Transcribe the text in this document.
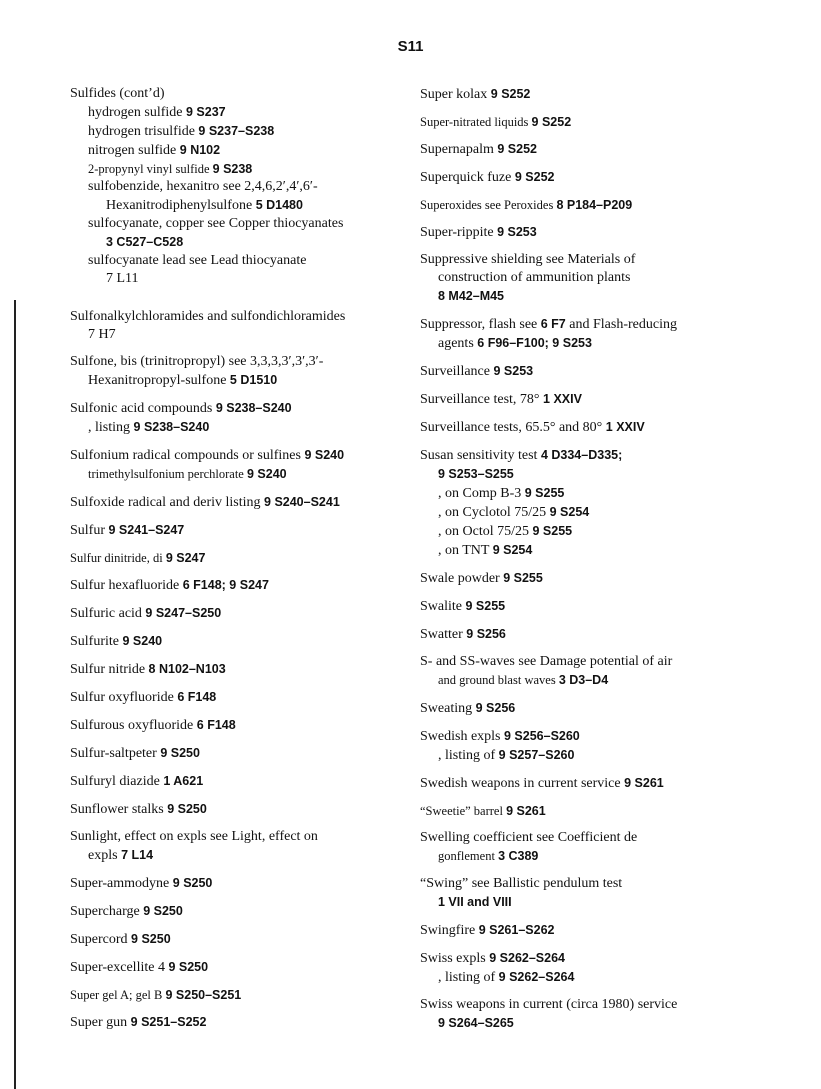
S11
Sulfides (cont’d)
hydrogen sulfide 9 S237
hydrogen trisulfide 9 S237–S238
nitrogen sulfide 9 N102
2-propynyl vinyl sulfide 9 S238
sulfobenzide, hexanitro see 2,4,6,2′,4′,6′-
Hexanitrodiphenylsulfone 5 D1480
sulfocyanate, copper see Copper thiocyanates
3 C527–C528
sulfocyanate lead see Lead thiocyanate
7 L11
Sulfonalkylchloramides and sulfondichloramides
7 H7
Sulfone, bis (trinitropropyl) see 3,3,3,3′,3′,3′-
Hexanitropropyl-sulfone 5 D1510
Sulfonic acid compounds 9 S238–S240
, listing 9 S238–S240
Sulfonium radical compounds or sulfines 9 S240
trimethylsulfonium perchlorate 9 S240
Sulfoxide radical and deriv listing 9 S240–S241
Sulfur 9 S241–S247
Sulfur dinitride, di 9 S247
Sulfur hexafluoride 6 F148; 9 S247
Sulfuric acid 9 S247–S250
Sulfurite 9 S240
Sulfur nitride 8 N102–N103
Sulfur oxyfluoride 6 F148
Sulfurous oxyfluoride 6 F148
Sulfur-saltpeter 9 S250
Sulfuryl diazide 1 A621
Sunflower stalks 9 S250
Sunlight, effect on expls see Light, effect on
expls 7 L14
Super-ammodyne 9 S250
Supercharge 9 S250
Supercord 9 S250
Super-excellite 4 9 S250
Super gel A; gel B 9 S250–S251
Super gun 9 S251–S252
Super kolax 9 S252
Super-nitrated liquids 9 S252
Supernapalm 9 S252
Superquick fuze 9 S252
Superoxides see Peroxides 8 P184–P209
Super-rippite 9 S253
Suppressive shielding see Materials of
construction of ammunition plants
8 M42–M45
Suppressor, flash see 6 F7 and Flash-reducing
agents 6 F96–F100; 9 S253
Surveillance 9 S253
Surveillance test, 78° 1 XXIV
Surveillance tests, 65.5° and 80° 1 XXIV
Susan sensitivity test 4 D334–D335;
9 S253–S255
, on Comp B-3 9 S255
, on Cyclotol 75/25 9 S254
, on Octol 75/25 9 S255
, on TNT 9 S254
Swale powder 9 S255
Swalite 9 S255
Swatter 9 S256
S- and SS-waves see Damage potential of air
and ground blast waves 3 D3–D4
Sweating 9 S256
Swedish expls 9 S256–S260
, listing of 9 S257–S260
Swedish weapons in current service 9 S261
“Sweetie” barrel 9 S261
Swelling coefficient see Coefficient de
gonflement 3 C389
“Swing” see Ballistic pendulum test
1 VII and VIII
Swingfire 9 S261–S262
Swiss expls 9 S262–S264
, listing of 9 S262–S264
Swiss weapons in current (circa 1980) service
9 S264–S265
